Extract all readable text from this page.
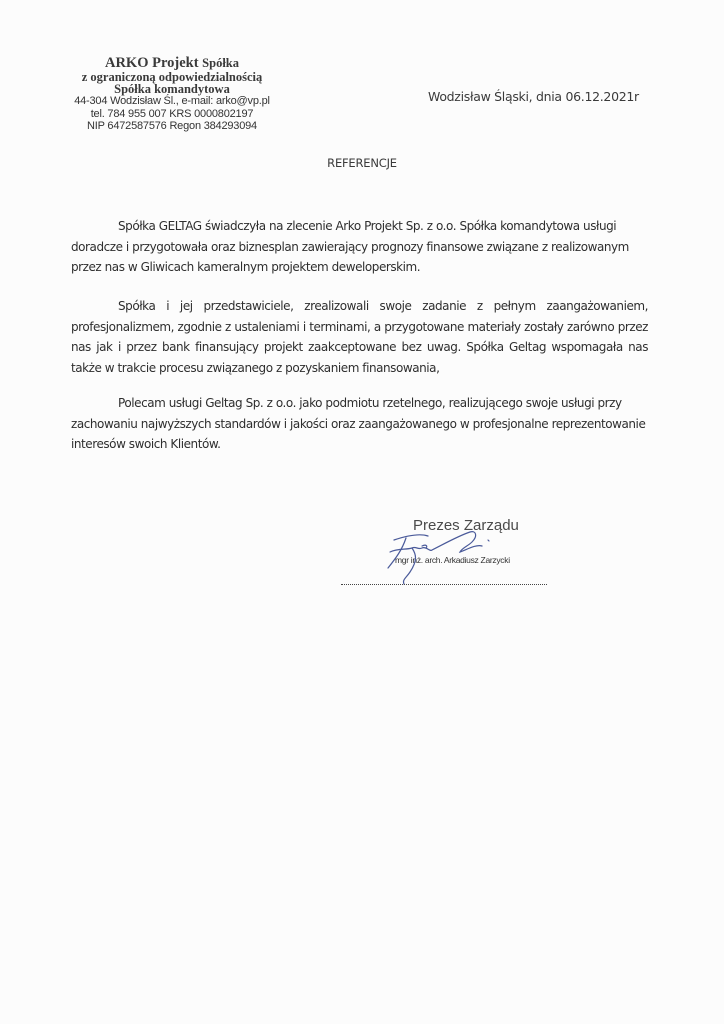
ARKO Projekt Spółka
z ograniczoną odpowiedzialnością
Spółka komandytowa
44-304 Wodzisław Śl., e-mail: arko@vp.pl
tel. 784 955 007 KRS 0000802197
NIP 6472587576 Regon 384293094
Wodzisław Śląski, dnia 06.12.2021r
REFERENCJE

Spółka GELTAG świadczyła na zlecenie Arko Projekt Sp. z o.o. Spółka komandytowa usługi doradcze i przygotowała oraz biznesplan zawierający prognozy finansowe związane z realizowanym przez nas w Gliwicach kameralnym projektem deweloperskim.

Spółka i jej przedstawiciele, zrealizowali swoje zadanie z pełnym zaangażowaniem, profesjonalizmem, zgodnie z ustaleniami i terminami, a przygotowane materiały zostały zarówno przez nas jak i przez bank finansujący projekt zaakceptowane bez uwag. Spółka Geltag wspomagała nas także w trakcie procesu związanego z pozyskaniem finansowania,

Polecam usługi Geltag Sp. z o.o. jako podmiotu rzetelnego, realizującego swoje usługi przy zachowaniu najwyższych standardów i jakości oraz zaangażowanego w profesjonalne reprezentowanie interesów swoich Klientów.

Prezes Zarządu
mgr inż. arch. Arkadiusz Zarzycki
